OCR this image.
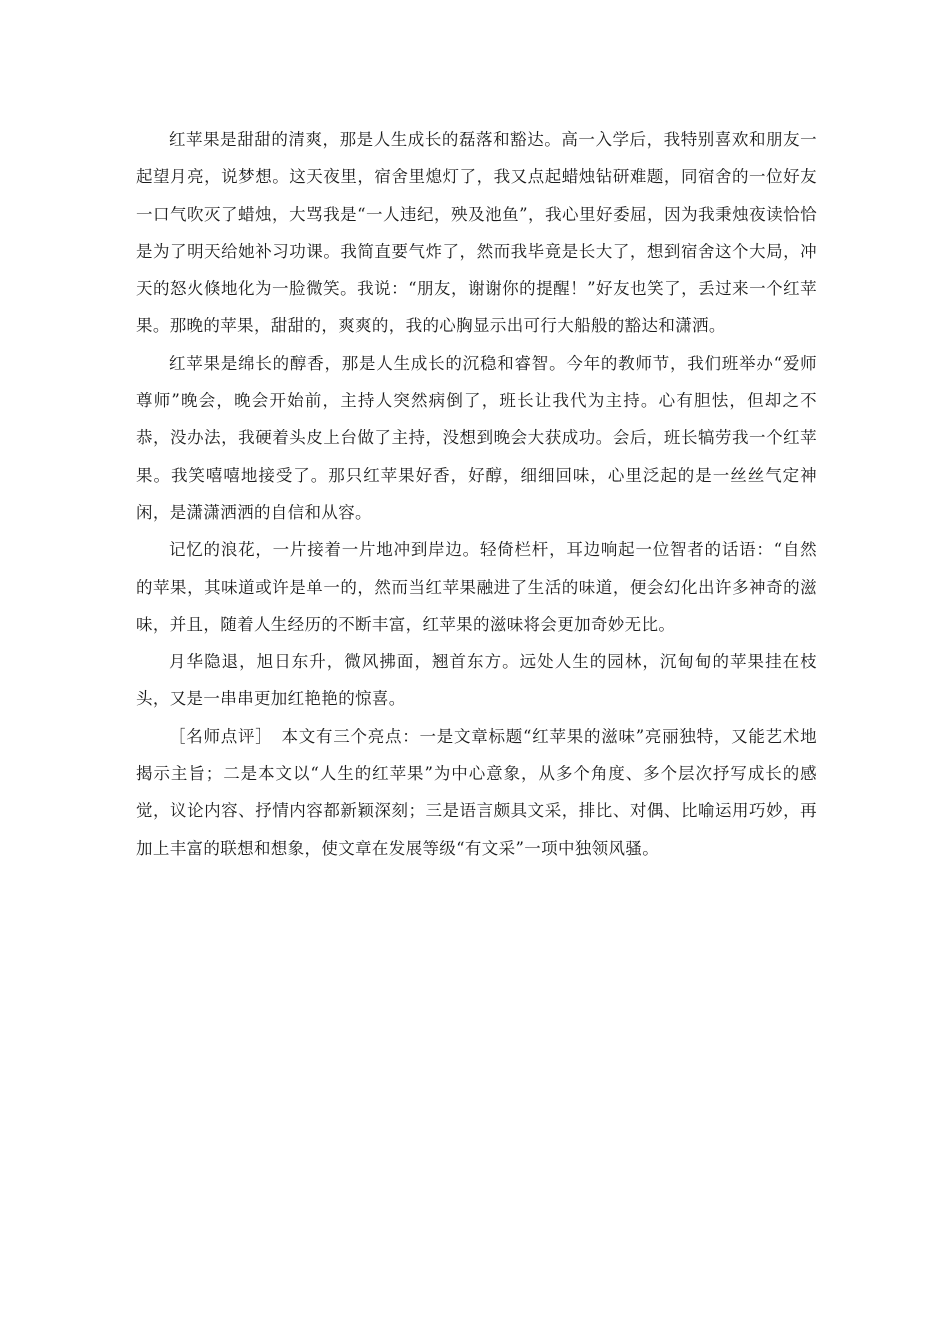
红苹果是甜甜的清爽，那是人生成长的磊落和豁达。高一入学后，我特别喜欢和朋友一起望月亮，说梦想。这天夜里，宿舍里熄灯了，我又点起蜡烛钻研难题，同宿舍的一位好友一口气吹灭了蜡烛，大骂我是“一人违纪，殃及池鱼”，我心里好委屈，因为我秉烛夜读恰恰是为了明天给她补习功课。我简直要气炸了，然而我毕竟是长大了，想到宿舍这个大局，冲天的怒火倏地化为一脸微笑。我说：“朋友，谢谢你的提醒！”好友也笑了，丢过来一个红苹果。那晚的苹果，甜甜的，爽爽的，我的心胸显示出可行大船般的豁达和潇洒。

红苹果是绵长的醇香，那是人生成长的沉稳和睿智。今年的教师节，我们班举办“爱师尊师”晚会，晚会开始前，主持人突然病倒了，班长让我代为主持。心有胆怯，但却之不恭，没办法，我硬着头皮上台做了主持，没想到晚会大获成功。会后，班长犒劳我一个红苹果。我笑嘻嘻地接受了。那只红苹果好香，好醇，细细回味，心里泛起的是一丝丝气定神闲，是潇潇洒洒的自信和从容。

记忆的浪花，一片接着一片地冲到岸边。轻倚栏杆，耳边响起一位智者的话语：“自然的苹果，其味道或许是单一的，然而当红苹果融进了生活的味道，便会幻化出许多神奇的滋味，并且，随着人生经历的不断丰富，红苹果的滋味将会更加奇妙无比。

月华隐退，旭日东升，微风拂面，翘首东方。远处人生的园林，沉甸甸的苹果挂在枝头，又是一串串更加红艳艳的惊喜。

［名师点评］　本文有三个亮点：一是文章标题“红苹果的滋味”亮丽独特，又能艺术地揭示主旨；二是本文以“人生的红苹果”为中心意象，从多个角度、多个层次抒写成长的感觉，议论内容、抒情内容都新颖深刻；三是语言颇具文采，排比、对偶、比喻运用巧妙，再加上丰富的联想和想象，使文章在发展等级“有文采”一项中独领风骚。
